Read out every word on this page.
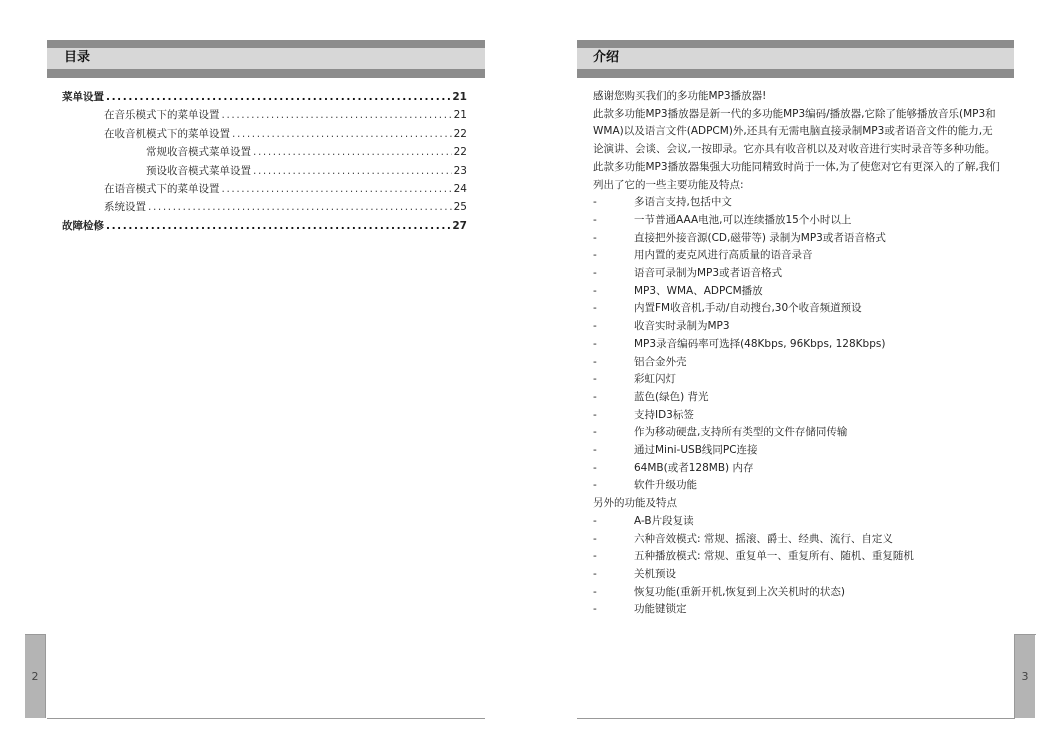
目录
菜单设置 .....	21
在音乐模式下的菜单设置 .....	21
在收音机模式下的菜单设置 .....	22
常规收音模式菜单设置 .....	22
预设收音模式菜单设置 .....	23
在语音模式下的菜单设置 .....	24
系统设置 .....	25
故障检修 .....	27
介绍

感谢您购买我们的多功能MP3播放器!

此款多功能MP3播放器是新一代的多功能MP3编码/播放器,它除了能够播放音乐(MP3和WMA)以及语言文件(ADPCM)外,还具有无需电脑直接录制MP3或者语音文件的能力,无论演讲、会谈、会议,一按即录。它亦具有收音机以及对收音进行实时录音等多种功能。

此款多功能MP3播放器集强大功能同精致时尚于一体,为了使您对它有更深入的了解,我们列出了它的一些主要功能及特点:

-	多语言支持,包括中文
-	一节普通AAA电池,可以连续播放15个小时以上
-	直接把外接音源(CD,磁带等) 录制为MP3或者语音格式
-	用内置的麦克风进行高质量的语音录音
-	语音可录制为MP3或者语音格式
-	MP3、WMA、ADPCM播放
-	内置FM收音机,手动/自动搜台,30个收音频道预设
-	收音实时录制为MP3
-	MP3录音编码率可选择(48Kbps, 96Kbps, 128Kbps)
-	铝合金外壳
-	彩虹闪灯
-	蓝色(绿色) 背光
-	支持ID3标签
-	作为移动硬盘,支持所有类型的文件存储同传输
-	通过Mini-USB线同PC连接
-	64MB(或者128MB) 内存
-	软件升级功能

另外的功能及特点

-	A-B片段复读
-	六种音效模式: 常规、摇滚、爵士、经典、流行、自定义
-	五种播放模式: 常规、重复单一、重复所有、随机、重复随机
-	关机预设
-	恢复功能(重新开机,恢复到上次关机时的状态)
-	功能键锁定
2	3
